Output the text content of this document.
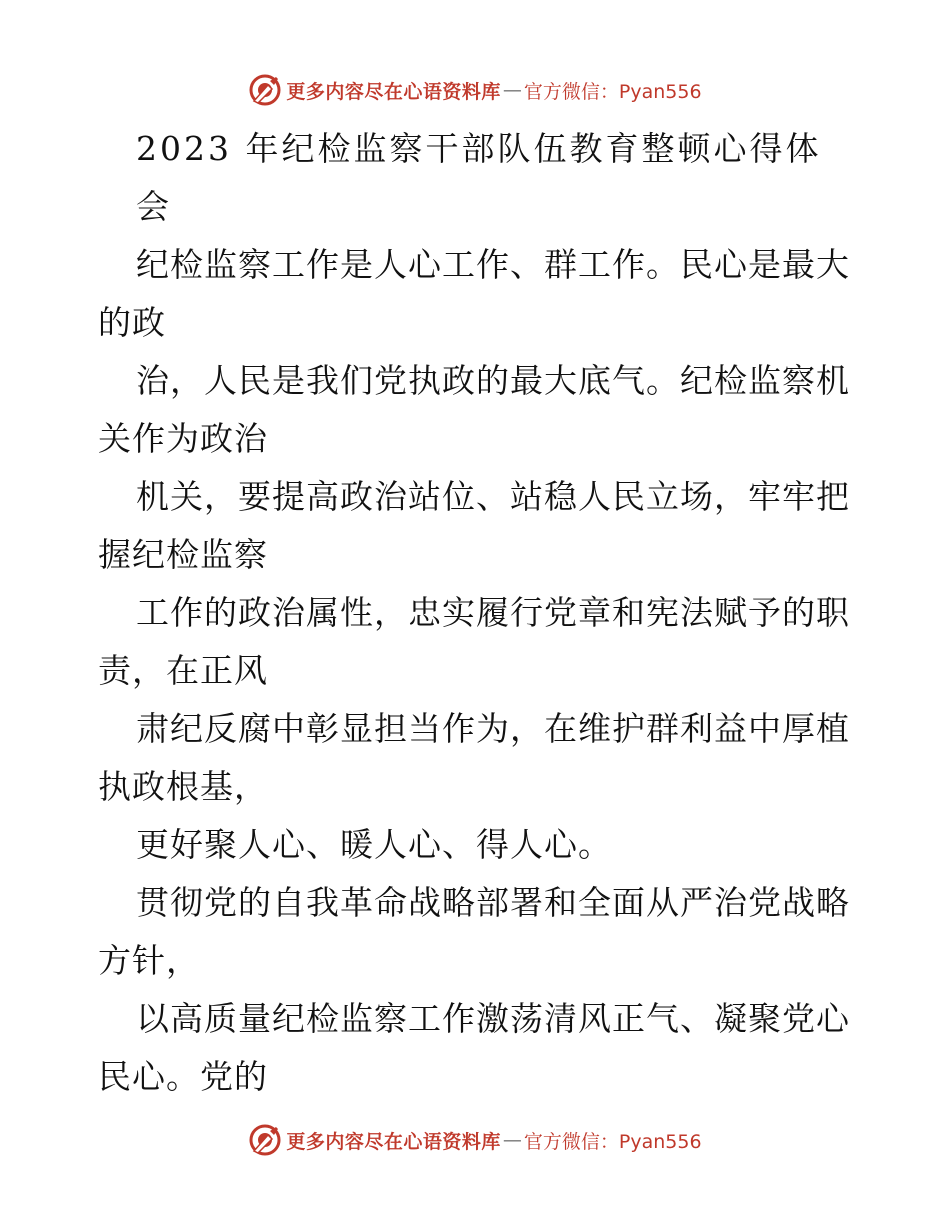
更多内容尽在心语资料库 — 官方微信：Pyan556
2023 年纪检监察干部队伍教育整顿心得体
会
纪检监察工作是人心工作、群工作。民心是最大
的政
治，人民是我们党执政的最大底气。纪检监察机
关作为政治
机关，要提高政治站位、站稳人民立场，牢牢把
握纪检监察
工作的政治属性，忠实履行党章和宪法赋予的职
责，在正风
肃纪反腐中彰显担当作为，在维护群利益中厚植
执政根基，
更好聚人心、暖人心、得人心。
贯彻党的自我革命战略部署和全面从严治党战略
方针，
以高质量纪检监察工作激荡清风正气、凝聚党心
民心。党的
更多内容尽在心语资料库 — 官方微信：Pyan556
